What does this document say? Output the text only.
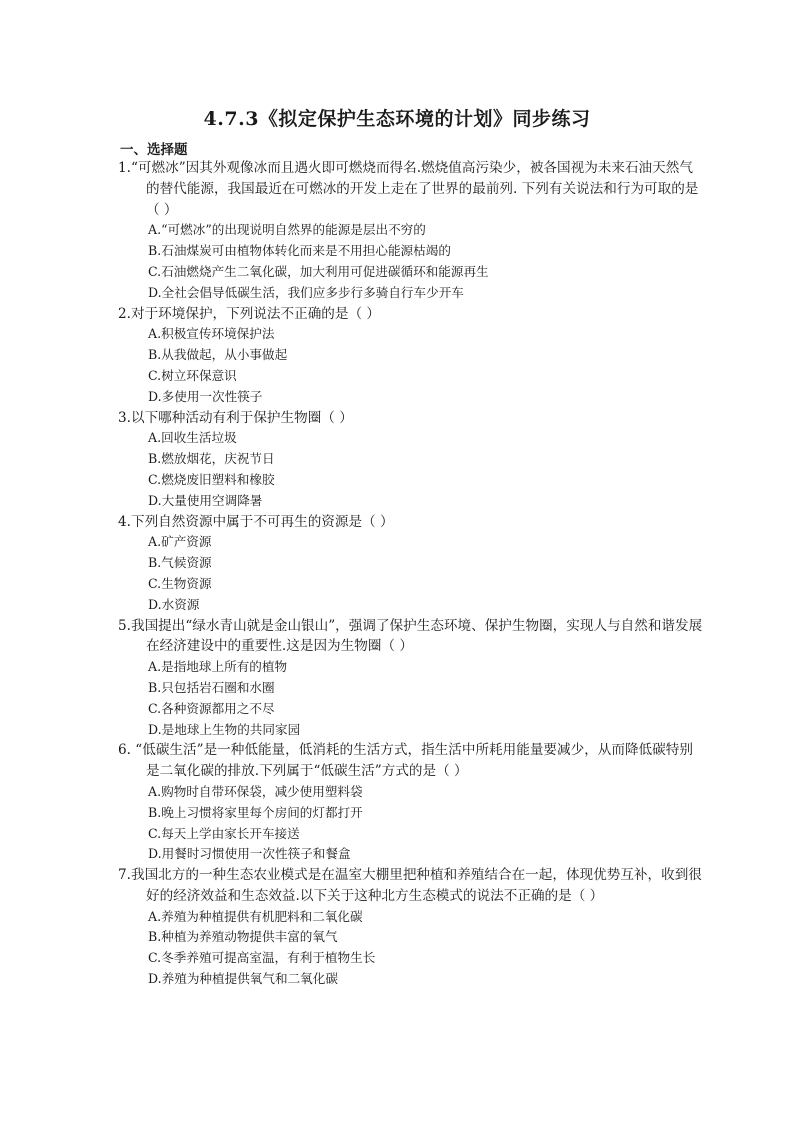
4.7.3《拟定保护生态环境的计划》同步练习
一、选择题
1.“可燃冰”因其外观像冰而且遇火即可燃烧而得名.燃烧值高污染少，被各国视为未来石油天然气的替代能源，我国最近在可燃冰的开发上走在了世界的最前列. 下列有关说法和行为可取的是（ ）
A.“可燃冰”的出现说明自然界的能源是层出不穷的
B.石油煤炭可由植物体转化而来是不用担心能源枯竭的
C.石油燃烧产生二氧化碳，加大利用可促进碳循环和能源再生
D.全社会倡导低碳生活，我们应多步行多骑自行车少开车
2.对于环境保护，下列说法不正确的是（ ）
A.积极宣传环境保护法
B.从我做起，从小事做起
C.树立环保意识
D.多使用一次性筷子
3.以下哪种活动有利于保护生物圈（ ）
A.回收生活垃圾
B.燃放烟花，庆祝节日
C.燃烧废旧塑料和橡胶
D.大量使用空调降暑
4.下列自然资源中属于不可再生的资源是（ ）
A.矿产资源
B.气候资源
C.生物资源
D.水资源
5.我国提出“绿水青山就是金山银山”，强调了保护生态环境、保护生物圈，实现人与自然和谐发展在经济建设中的重要性.这是因为生物圈（ ）
A.是指地球上所有的植物
B.只包括岩石圈和水圈
C.各种资源都用之不尽
D.是地球上生物的共同家园
6. “低碳生活”是一种低能量，低消耗的生活方式，指生活中所耗用能量要减少，从而降低碳特别是二氧化碳的排放.下列属于“低碳生活”方式的是（ ）
A.购物时自带环保袋，减少使用塑料袋
B.晚上习惯将家里每个房间的灯都打开
C.每天上学由家长开车接送
D.用餐时习惯使用一次性筷子和餐盒
7.我国北方的一种生态农业模式是在温室大棚里把种植和养殖结合在一起，体现优势互补，收到很好的经济效益和生态效益.以下关于这种北方生态模式的说法不正确的是（ ）
A.养殖为种植提供有机肥料和二氧化碳
B.种植为养殖动物提供丰富的氧气
C.冬季养殖可提高室温，有利于植物生长
D.养殖为种植提供氧气和二氧化碳
